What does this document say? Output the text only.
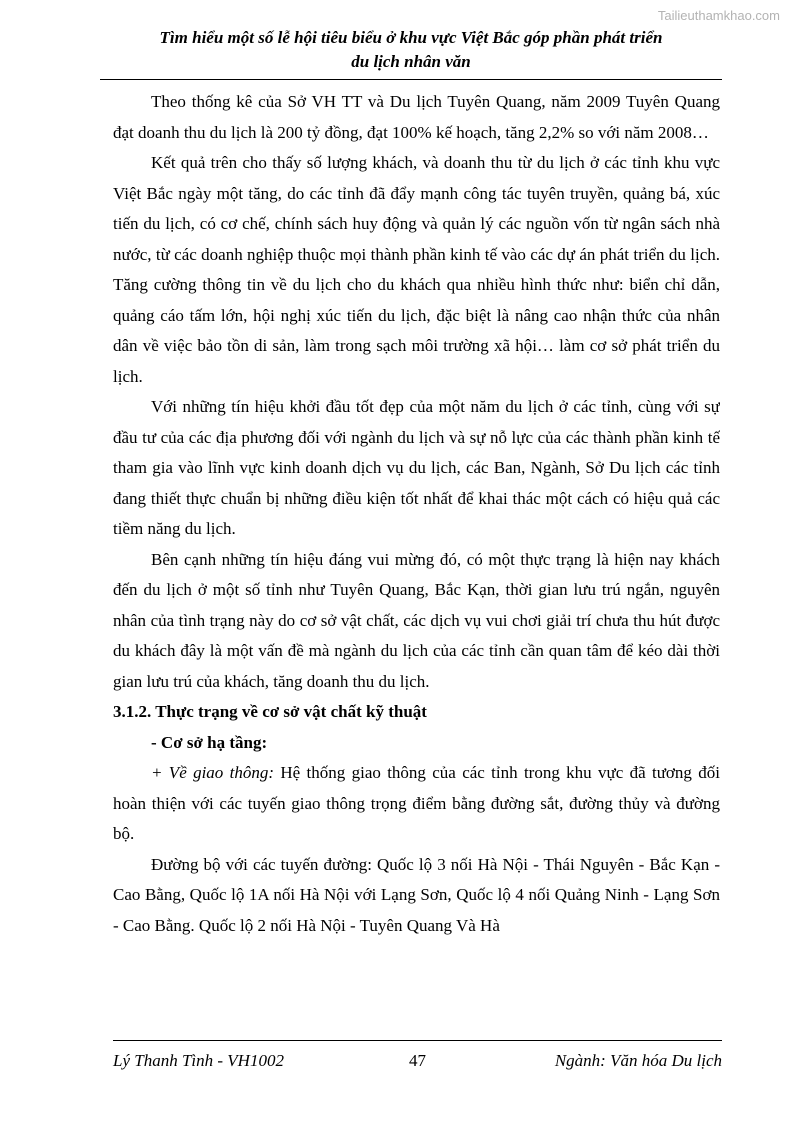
Tailieuthamkhao.com
Tìm hiểu một số lễ hội tiêu biểu ở khu vực Việt Bắc góp phần phát triển
du lịch nhân văn

Theo thống kê của Sở VH TT và Du lịch Tuyên Quang, năm 2009 Tuyên Quang đạt doanh thu du lịch là 200 tỷ đồng, đạt 100% kế hoạch, tăng 2,2% so với năm 2008…

Kết quả trên cho thấy số lượng khách, và doanh thu từ du lịch ở các tỉnh khu vực Việt Bắc ngày một tăng, do các tỉnh đã đẩy mạnh công tác tuyên truyền, quảng bá, xúc tiến du lịch, có cơ chế, chính sách huy động và quản lý các nguồn vốn từ ngân sách nhà nước, từ các doanh nghiệp thuộc mọi thành phần kinh tế vào các dự án phát triển du lịch. Tăng cường thông tin về du lịch cho du khách qua nhiều hình thức như: biển chỉ dẫn, quảng cáo tấm lớn, hội nghị xúc tiến du lịch, đặc biệt là nâng cao nhận thức của nhân dân về việc bảo tồn di sản, làm trong sạch môi trường xã hội… làm cơ sở phát triển du lịch.

Với những tín hiệu khởi đầu tốt đẹp của một năm du lịch ở các tỉnh, cùng với sự đầu tư của các địa phương đối với ngành du lịch và sự nỗ lực của các thành phần kinh tế tham gia vào lĩnh vực kinh doanh dịch vụ du lịch, các Ban, Ngành, Sở Du lịch các tỉnh đang thiết thực chuẩn bị những điều kiện tốt nhất để khai thác một cách có hiệu quả các tiềm năng du lịch.

Bên cạnh những tín hiệu đáng vui mừng đó, có một thực trạng là hiện nay khách đến du lịch ở một số tỉnh như Tuyên Quang, Bắc Kạn, thời gian lưu trú ngắn, nguyên nhân của tình trạng này do cơ sở vật chất, các dịch vụ vui chơi giải trí chưa thu hút được du khách đây là một vấn đề mà ngành du lịch của các tỉnh cần quan tâm để kéo dài thời gian lưu trú của khách, tăng doanh thu du lịch.

3.1.2. Thực trạng về cơ sở vật chất kỹ thuật

- Cơ sở hạ tầng:

+ Về giao thông: Hệ thống giao thông của các tỉnh trong khu vực đã tương đối hoàn thiện với các tuyến giao thông trọng điểm bằng đường sắt, đường thủy và đường bộ.

Đường bộ với các tuyến đường: Quốc lộ 3 nối Hà Nội - Thái Nguyên - Bắc Kạn - Cao Bằng, Quốc lộ 1A nối Hà Nội với Lạng Sơn, Quốc lộ 4 nối Quảng Ninh - Lạng Sơn - Cao Bằng. Quốc lộ 2 nối Hà Nội - Tuyên Quang Và Hà

Lý Thanh Tình - VH1002	47	Ngành: Văn hóa Du lịch
